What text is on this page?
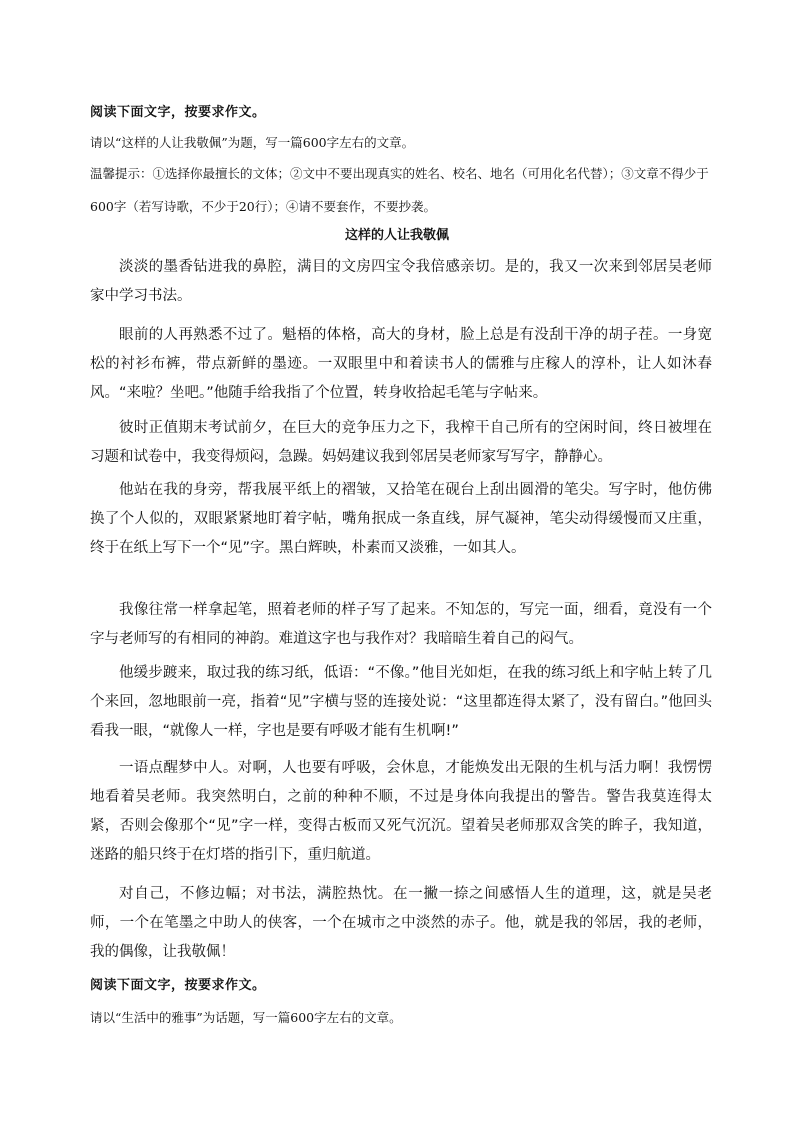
阅读下面文字，按要求作文。
请以“这样的人让我敬佩”为题，写一篇600字左右的文章。
温馨提示：①选择你最擅长的文体；②文中不要出现真实的姓名、校名、地名（可用化名代替）；③文章不得少于600字（若写诗歌，不少于20行）；④请不要套作，不要抄袭。
这样的人让我敬佩

淡淡的墨香钻进我的鼻腔，满目的文房四宝令我倍感亲切。是的，我又一次来到邻居吴老师家中学习书法。

眼前的人再熟悉不过了。魁梧的体格，高大的身材，脸上总是有没刮干净的胡子茬。一身宽松的衬衫布裤，带点新鲜的墨迹。一双眼里中和着读书人的儒雅与庄稼人的淳朴，让人如沐春风。“来啦？坐吧。”他随手给我指了个位置，转身收拾起毛笔与字帖来。

彼时正值期末考试前夕，在巨大的竞争压力之下，我榨干自己所有的空闲时间，终日被埋在习题和试卷中，我变得烦闷，急躁。妈妈建议我到邻居吴老师家写写字，静静心。

他站在我的身旁，帮我展平纸上的褶皱，又拾笔在砚台上刮出圆滑的笔尖。写字时，他仿佛换了个人似的，双眼紧紧地盯着字帖，嘴角抿成一条直线，屏气凝神，笔尖动得缓慢而又庄重，终于在纸上写下一个“见”字。黑白辉映，朴素而又淡雅，一如其人。

我像往常一样拿起笔，照着老师的样子写了起来。不知怎的，写完一面，细看，竟没有一个字与老师写的有相同的神韵。难道这字也与我作对？我暗暗生着自己的闷气。

他缓步踱来，取过我的练习纸，低语：“不像。”他目光如炬，在我的练习纸上和字帖上转了几个来回，忽地眼前一亮，指着“见”字横与竖的连接处说：“这里都连得太紧了，没有留白。”他回头看我一眼，“就像人一样，字也是要有呼吸才能有生机啊!”

一语点醒梦中人。对啊，人也要有呼吸，会休息，才能焕发出无限的生机与活力啊！我愣愣地看着吴老师。我突然明白，之前的种种不顺，不过是身体向我提出的警告。警告我莫连得太紧，否则会像那个“见”字一样，变得古板而又死气沉沉。望着吴老师那双含笑的眸子，我知道，迷路的船只终于在灯塔的指引下，重归航道。

对自己，不修边幅；对书法，满腔热忱。在一撇一捺之间感悟人生的道理，这，就是吴老师，一个在笔墨之中助人的侠客，一个在城市之中淡然的赤子。他，就是我的邻居，我的老师，我的偶像，让我敬佩！

阅读下面文字，按要求作文。
请以“生活中的雅事”为话题，写一篇600字左右的文章。
